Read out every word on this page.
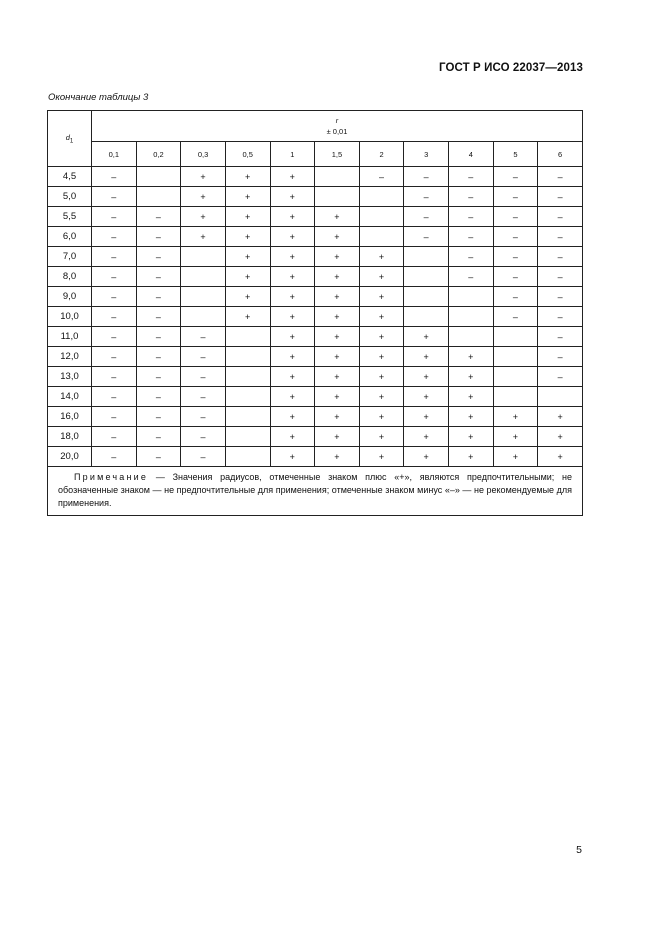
ГОСТ Р ИСО 22037—2013
Окончание таблицы 3
$d_1$	r
± 0,01										
	0,1	0,2	0,3	0,5	1	1,5	2	3	4	5	6
4,5	–		+	+	+		–	–	–	–	–
5,0	–		+	+	+			–	–	–	–
5,5	–	–	+	+	+	+		–	–	–	–
6,0	–	–	+	+	+	+		–	–	–	–
7,0	–	–		+	+	+	+		–	–	–
8,0	–	–		+	+	+	+		–	–	–
9,0	–	–		+	+	+	+			–	–
10,0	–	–		+	+	+	+			–	–
11,0	–	–	–		+	+	+	+			–
12,0	–	–	–		+	+	+	+	+		–
13,0	–	–	–		+	+	+	+	+		–
14,0	–	–	–		+	+	+	+	+		
16,0	–	–	–		+	+	+	+	+	+	+
18,0	–	–	–		+	+	+	+	+	+	+
20,0	–	–	–		+	+	+	+	+	+	+
Примечание — Значения радиусов, отмеченные знаком плюс «+», являются предпочтительными; не обозначенные знаком — не предпочтительные для применения; отмеченные знаком минус «–» — не рекомендуемые для применения.											
5
